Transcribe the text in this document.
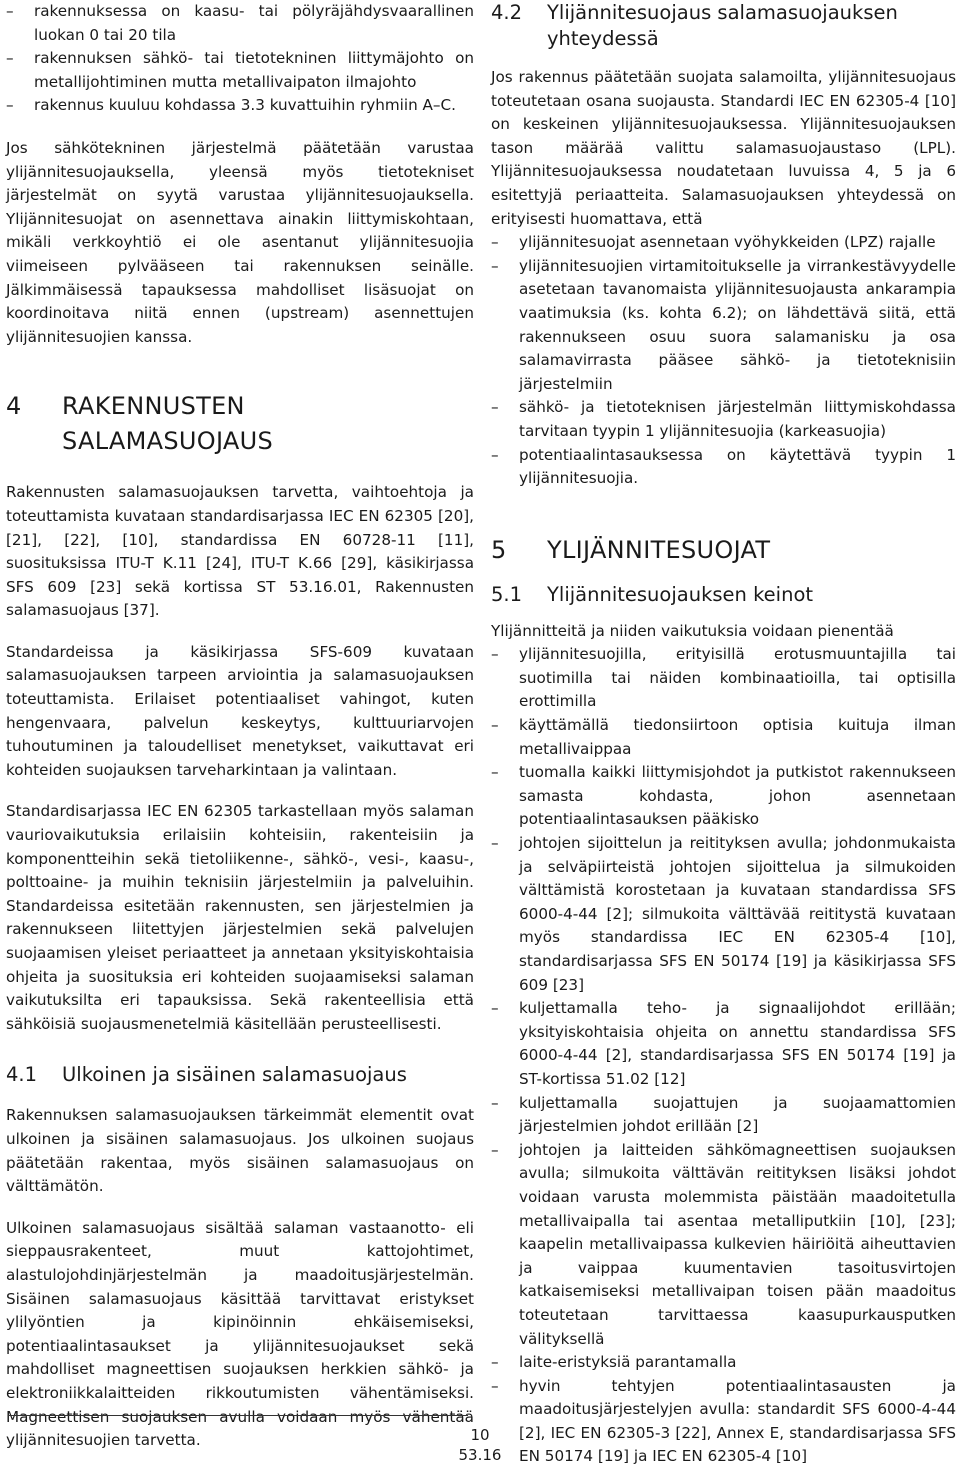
– rakennuksessa on kaasu- tai pölyräjähdysvaarallinen luokan 0 tai 20 tila
– rakennuksen sähkö- tai tietotekninen liittymäjohto on metallijohtiminen mutta metallivaipaton ilmajohto
– rakennus kuuluu kohdassa 3.3 kuvattuihin ryhmiin A–C.

Jos sähkötekninen järjestelmä päätetään varustaa ylijännitesuojauksella, yleensä myös tietotekniset järjestelmät on syytä varustaa ylijännitesuojauksella. Ylijännitesuojat on asennettava ainakin liittymiskohtaan, mikäli verkkoyhtiö ei ole asentanut ylijännitesuojia viimeiseen pylvääseen tai rakennuksen seinälle. Jälkimmäisessä tapauksessa mahdolliset lisäsuojat on koordinoitava niitä ennen (upstream) asennettujen ylijännitesuojien kanssa.

4	RAKENNUSTEN
SALAMASUOJAUS

Rakennusten salamasuojauksen tarvetta, vaihtoehtoja ja toteuttamista kuvataan standardisarjassa IEC EN 62305 [20], [21], [22], [10], standardissa EN 60728-11 [11], suosituksissa ITU-T K.11 [24], ITU-T K.66 [29], käsikirjassa SFS 609 [23] sekä kortissa ST 53.16.01, Rakennusten salamasuojaus [37].

Standardeissa ja käsikirjassa SFS-609 kuvataan salamasuojauksen tarpeen arviointia ja salamasuojauksen toteuttamista. Erilaiset potentiaaliset vahingot, kuten hengenvaara, palvelun keskeytys, kulttuuriarvojen tuhoutuminen ja taloudelliset menetykset, vaikuttavat eri kohteiden suojauksen tarveharkintaan ja valintaan.

Standardisarjassa IEC EN 62305 tarkastellaan myös salaman vauriovaikutuksia erilaisiin kohteisiin, rakenteisiin ja komponentteihin sekä tietoliikenne-, sähkö-, vesi-, kaasu-, polttoaine- ja muihin teknisiin järjestelmiin ja palveluihin. Standardeissa esitetään rakennusten, sen järjestelmien ja rakennukseen liitettyjen järjestelmien sekä palvelujen suojaamisen yleiset periaatteet ja annetaan yksityiskohtaisia ohjeita ja suosituksia eri kohteiden suojaamiseksi salaman vaikutuksilta eri tapauksissa. Sekä rakenteellisia että sähköisiä suojausmenetelmiä käsitellään perusteellisesti.

4.1	Ulkoinen ja sisäinen salamasuojaus

Rakennuksen salamasuojauksen tärkeimmät elementit ovat ulkoinen ja sisäinen salamasuojaus. Jos ulkoinen suojaus päätetään rakentaa, myös sisäinen salamasuojaus on välttämätön.

Ulkoinen salamasuojaus sisältää salaman vastaanotto- eli sieppausrakenteet, muut kattojohtimet, alastulojohdinjärjestelmän ja maadoitusjärjestelmän. Sisäinen salamasuojaus käsittää tarvittavat eristykset ylilyöntien ja kipinöinnin ehkäisemiseksi, potentiaalintasaukset ja ylijännitesuojaukset sekä mahdolliset magneettisen suojauksen herkkien sähkö- ja elektroniikkalaitteiden rikkoutumisten vähentämiseksi. Magneettisen suojauksen avulla voidaan myös vähentää ylijännitesuojien tarvetta.

4.2	Ylijännitesuojaus salamasuojauksen yhteydessä

Jos rakennus päätetään suojata salamoilta, ylijännitesuojaus toteutetaan osana suojausta. Standardi IEC EN 62305-4 [10] on keskeinen ylijännitesuojauksessa. Ylijännitesuojauksen tason määrää valittu salamasuojaustaso (LPL). Ylijännitesuojauksessa noudatetaan luvuissa 4, 5 ja 6 esitettyjä periaatteita. Salamasuojauksen yhteydessä on erityisesti huomattava, että

– ylijännitesuojat asennetaan vyöhykkeiden (LPZ) rajalle
– ylijännitesuojien virtamitoitukselle ja virrankestävyydelle asetetaan tavanomaista ylijännitesuojausta ankarampia vaatimuksia (ks. kohta 6.2); on lähdettävä siitä, että rakennukseen osuu suora salamanisku ja osa salamavirrasta pääsee sähkö- ja tietoteknisiin järjestelmiin
– sähkö- ja tietoteknisen järjestelmän liittymiskohdassa tarvitaan tyypin 1 ylijännitesuojia (karkeasuojia)
– potentiaalintasauksessa on käytettävä tyypin 1 ylijännitesuojia.
5	YLIJÄNNITESUOJAT
5.1	Ylijännitesuojauksen keinot

Ylijännitteitä ja niiden vaikutuksia voidaan pienentää

– ylijännitesuojilla, erityisillä erotusmuuntajilla tai suotimilla tai näiden kombinaatioilla, tai optisilla erottimilla
– käyttämällä tiedonsiirtoon optisia kuituja ilman metallivaippaa
– tuomalla kaikki liittymisjohdot ja putkistot rakennukseen samasta kohdasta, johon asennetaan potentiaalintasauksen pääkisko
– johtojen sijoittelun ja reitityksen avulla; johdonmukaista ja selväpiirteistä johtojen sijoittelua ja silmukoiden välttämistä korostetaan ja kuvataan standardissa SFS 6000-4-44 [2]; silmukoita välttävää reititystä kuvataan myös standardissa IEC EN 62305-4 [10], standardisarjassa SFS EN 50174 [19] ja käsikirjassa SFS 609 [23]
– kuljettamalla teho- ja signaalijohdot erillään; yksityiskohtaisia ohjeita on annettu standardissa SFS 6000-4-44 [2], standardisarjassa SFS EN 50174 [19] ja ST-kortissa 51.02 [12]
– kuljettamalla suojattujen ja suojaamattomien järjestelmien johdot erillään [2]
– johtojen ja laitteiden sähkömagneettisen suojauksen avulla; silmukoita välttävän reitityksen lisäksi johdot voidaan varusta molemmista päistään maadoitetulla metallivaipalla tai asentaa metalliputkiin [10], [23]; kaapelin metallivaipassa kulkevien häiriöitä aiheuttavien ja vaippaa kuumentavien tasoitusvirtojen katkaisemiseksi metallivaipan toisen pään maadoitus toteutetaan tarvittaessa kaasupurkausputken välityksellä
– laite-eristyksiä parantamalla
– hyvin tehtyjen potentiaalintasausten ja maadoitusjärjestelyjen avulla: standardit SFS 6000-4-44 [2], IEC EN 62305-3 [22], Annex E, standardisarjassa SFS EN 50174 [19] ja IEC EN 62305-4 [10]
10
53.16
